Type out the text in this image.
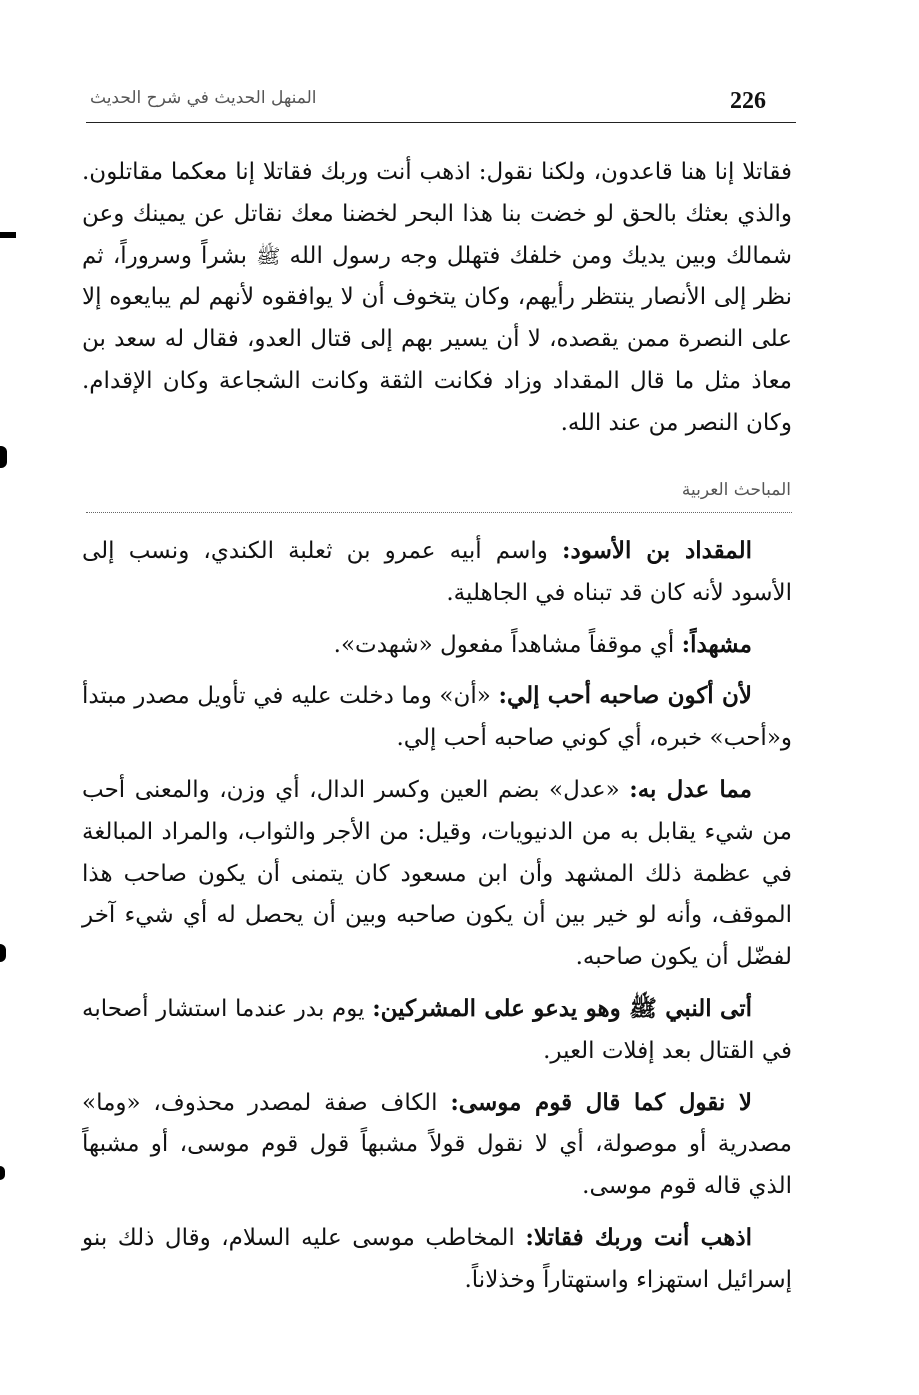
226
المنهل الحديث في شرح الحديث

فقاتلا إنا هنا قاعدون، ولكنا نقول: اذهب أنت وربك فقاتلا إنا معكما مقاتلون. والذي بعثك بالحق لو خضت بنا هذا البحر لخضنا معك نقاتل عن يمينك وعن شمالك وبين يديك ومن خلفك فتهلل وجه رسول الله ﷺ بشراً وسروراً، ثم نظر إلى الأنصار ينتظر رأيهم، وكان يتخوف أن لا يوافقوه لأنهم لم يبايعوه إلا على النصرة ممن يقصده، لا أن يسير بهم إلى قتال العدو، فقال له سعد بن معاذ مثل ما قال المقداد وزاد فكانت الثقة وكانت الشجاعة وكان الإقدام. وكان النصر من عند الله.

المباحث العربية

المقداد بن الأسود: واسم أبيه عمرو بن ثعلبة الكندي، ونسب إلى الأسود لأنه كان قد تبناه في الجاهلية.

مشهداً: أي موقفاً مشاهداً مفعول «شهدت».

لأن أكون صاحبه أحب إلي: «أن» وما دخلت عليه في تأويل مصدر مبتدأ و«أحب» خبره، أي كوني صاحبه أحب إلي.

مما عدل به: «عدل» بضم العين وكسر الدال، أي وزن، والمعنى أحب من شيء يقابل به من الدنيويات، وقيل: من الأجر والثواب، والمراد المبالغة في عظمة ذلك المشهد وأن ابن مسعود كان يتمنى أن يكون صاحب هذا الموقف، وأنه لو خير بين أن يكون صاحبه وبين أن يحصل له أي شيء آخر لفضّل أن يكون صاحبه.

أتى النبي ﷺ وهو يدعو على المشركين: يوم بدر عندما استشار أصحابه في القتال بعد إفلات العير.

لا نقول كما قال قوم موسى: الكاف صفة لمصدر محذوف، «وما» مصدرية أو موصولة، أي لا نقول قولاً مشبهاً قول قوم موسى، أو مشبهاً الذي قاله قوم موسى.

اذهب أنت وربك فقاتلا: المخاطب موسى عليه السلام، وقال ذلك بنو إسرائيل استهزاء واستهتاراً وخذلاناً.
